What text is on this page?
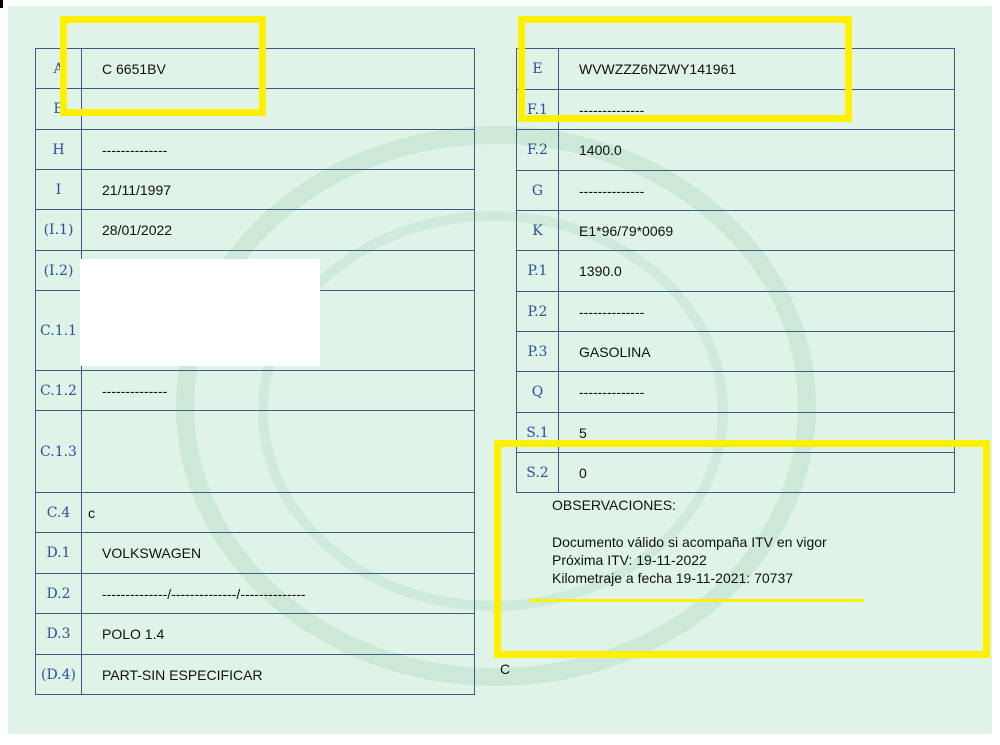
A	C 6651BV
B	--------------
H	--------------
I	21/11/1997
(I.1)	28/01/2022
(I.2)	
C.1.1	
C.1.2	--------------
C.1.3	
C.4	c
D.1	VOLKSWAGEN
D.2	--------------/--------------/--------------
D.3	POLO 1.4
(D.4)	PART-SIN ESPECIFICAR
E	WVWZZZ6NZWY141961
F.1	--------------
F.2	1400.0
G	--------------
K	E1*96/79*0069
P.1	1390.0
P.2	--------------
P.3	GASOLINA
Q	--------------
S.1	5
S.2	0
OBSERVACIONES:
Documento válido si acompaña ITV en vigor
Próxima ITV: 19-11-2022
Kilometraje a fecha 19-11-2021: 70737
C
